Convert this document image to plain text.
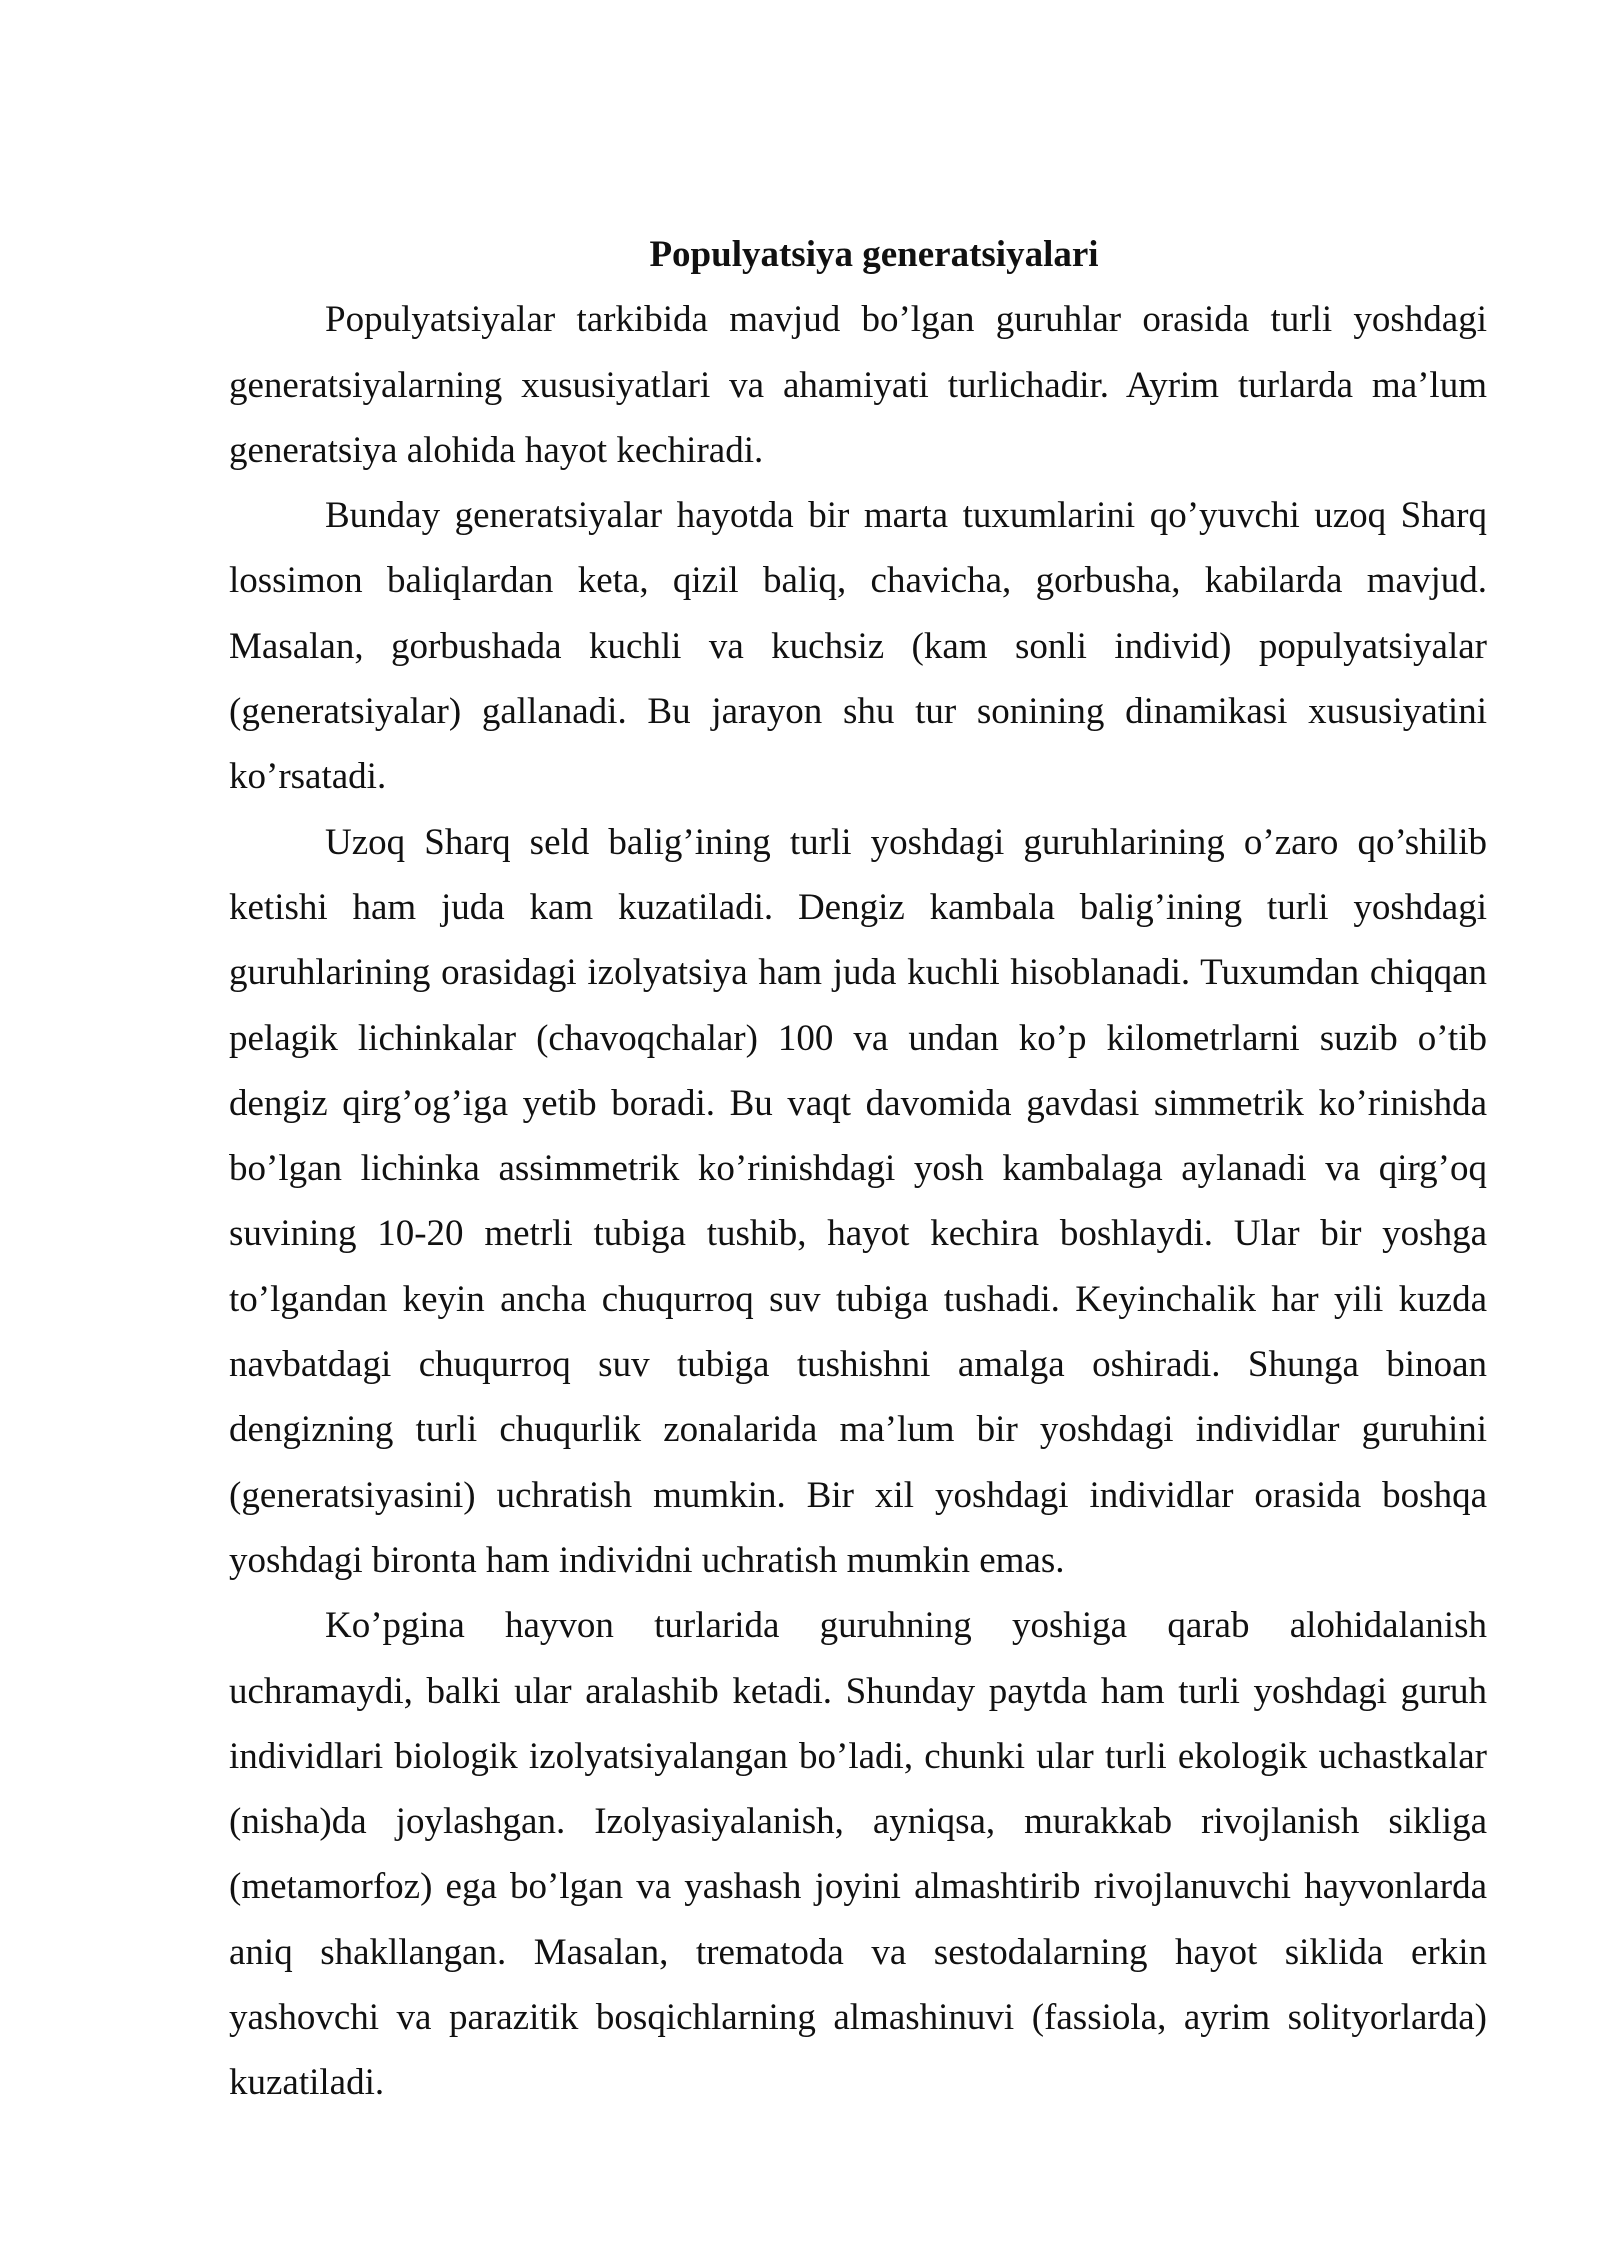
Populyatsiya generatsiyalari

Populyatsiyalar tarkibida mavjud bo’lgan guruhlar orasida turli yoshdagi generatsiyalarning xususiyatlari va ahamiyati turlichadir. Ayrim turlarda ma’lum generatsiya alohida hayot kechiradi.

Bunday generatsiyalar hayotda bir marta tuxumlarini qo’yuvchi uzoq Sharq lossimon baliqlardan keta, qizil baliq, chavicha, gorbusha, kabilarda mavjud. Masalan, gorbushada kuchli va kuchsiz (kam sonli individ) populyatsiyalar (generatsiyalar) gallanadi. Bu jarayon shu tur sonining dinamikasi xususiyatini ko’rsatadi.

Uzoq Sharq seld balig’ining turli yoshdagi guruhlarining o’zaro qo’shilib ketishi ham juda kam kuzatiladi. Dengiz kambala balig’ining turli yoshdagi guruhlarining orasidagi izolyatsiya ham juda kuchli hisoblanadi. Tuxumdan chiqqan pelagik lichinkalar (chavoqchalar) 100 va undan ko’p kilometrlarni suzib o’tib dengiz qirg’og’iga yetib boradi. Bu vaqt davomida gavdasi simmetrik ko’rinishda bo’lgan lichinka assimmetrik ko’rinishdagi yosh kambalaga aylanadi va qirg’oq suvining 10-20 metrli tubiga tushib, hayot kechira boshlaydi. Ular bir yoshga to’lgandan keyin ancha chuqurroq suv tubiga tushadi. Keyinchalik har yili kuzda navbatdagi chuqurroq suv tubiga tushishni amalga oshiradi. Shunga binoan dengizning turli chuqurlik zonalarida ma’lum bir yoshdagi individlar guruhini (generatsiyasini) uchratish mumkin. Bir xil yoshdagi individlar orasida boshqa yoshdagi bironta ham individni uchratish mumkin emas.

Ko’pgina hayvon turlarida guruhning yoshiga qarab alohidalanish uchramaydi, balki ular aralashib ketadi. Shunday paytda ham turli yoshdagi guruh individlari biologik izolyatsiyalangan bo’ladi, chunki ular turli ekologik uchastkalar (nisha)da joylashgan. Izolyasiyalanish, ayniqsa, murakkab rivojlanish sikliga (metamorfoz) ega bo’lgan va yashash joyini almashtirib rivojlanuvchi hayvonlarda aniq shakllangan. Masalan, trematoda va sestodalarning hayot siklida erkin yashovchi va parazitik bosqichlarning almashinuvi (fassiola, ayrim solityorlarda) kuzatiladi.
